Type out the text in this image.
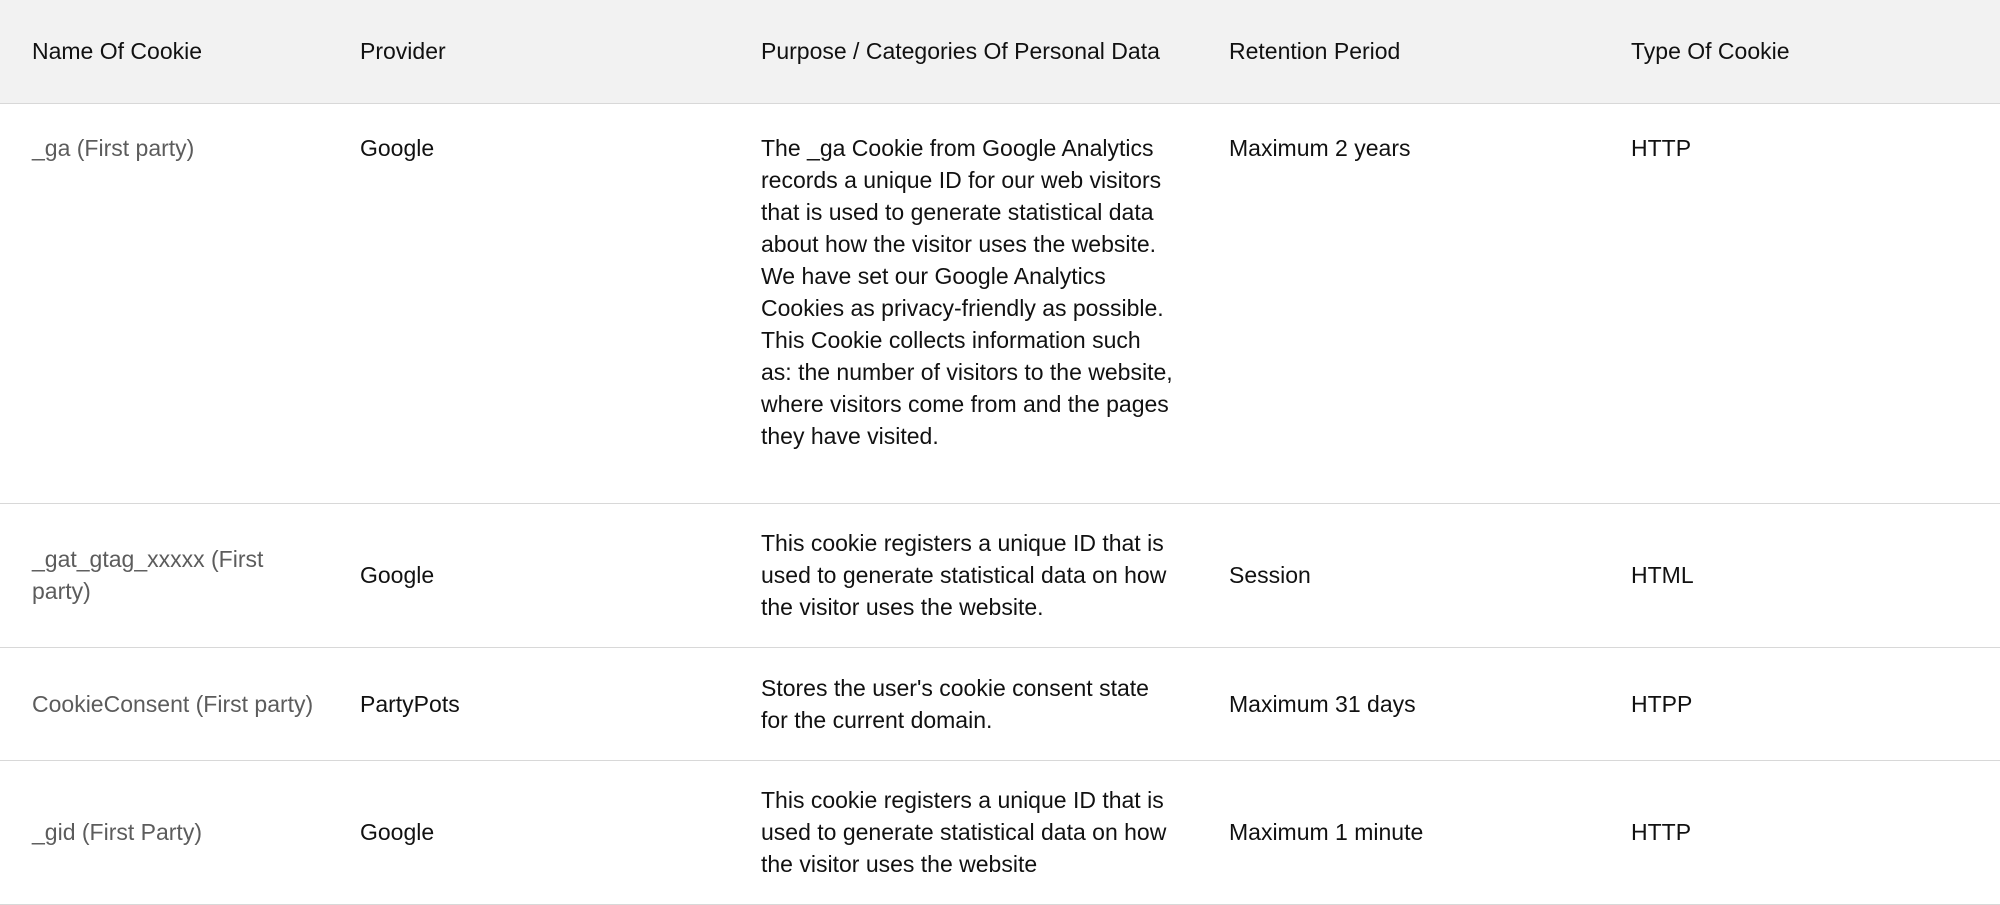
Name Of Cookie	Provider	Purpose / Categories Of Personal Data	Retention Period	Type Of Cookie
_ga (First party)	Google	The _ga Cookie from Google Analytics records a unique ID for our web visitors that is used to generate statistical data about how the visitor uses the website. We have set our Google Analytics Cookies as privacy-friendly as possible. This Cookie collects information such as: the number of visitors to the website, where visitors come from and the pages they have visited.	Maximum 2 years	HTTP
_gat_gtag_xxxxx (First party)	Google	This cookie registers a unique ID that is used to generate statistical data on how the visitor uses the website.	Session	HTML
CookieConsent (First party)	PartyPots	Stores the user's cookie consent state for the current domain.	Maximum 31 days	HTPP
_gid (First Party)	Google	This cookie registers a unique ID that is used to generate statistical data on how the visitor uses the website	Maximum 1 minute	HTTP
